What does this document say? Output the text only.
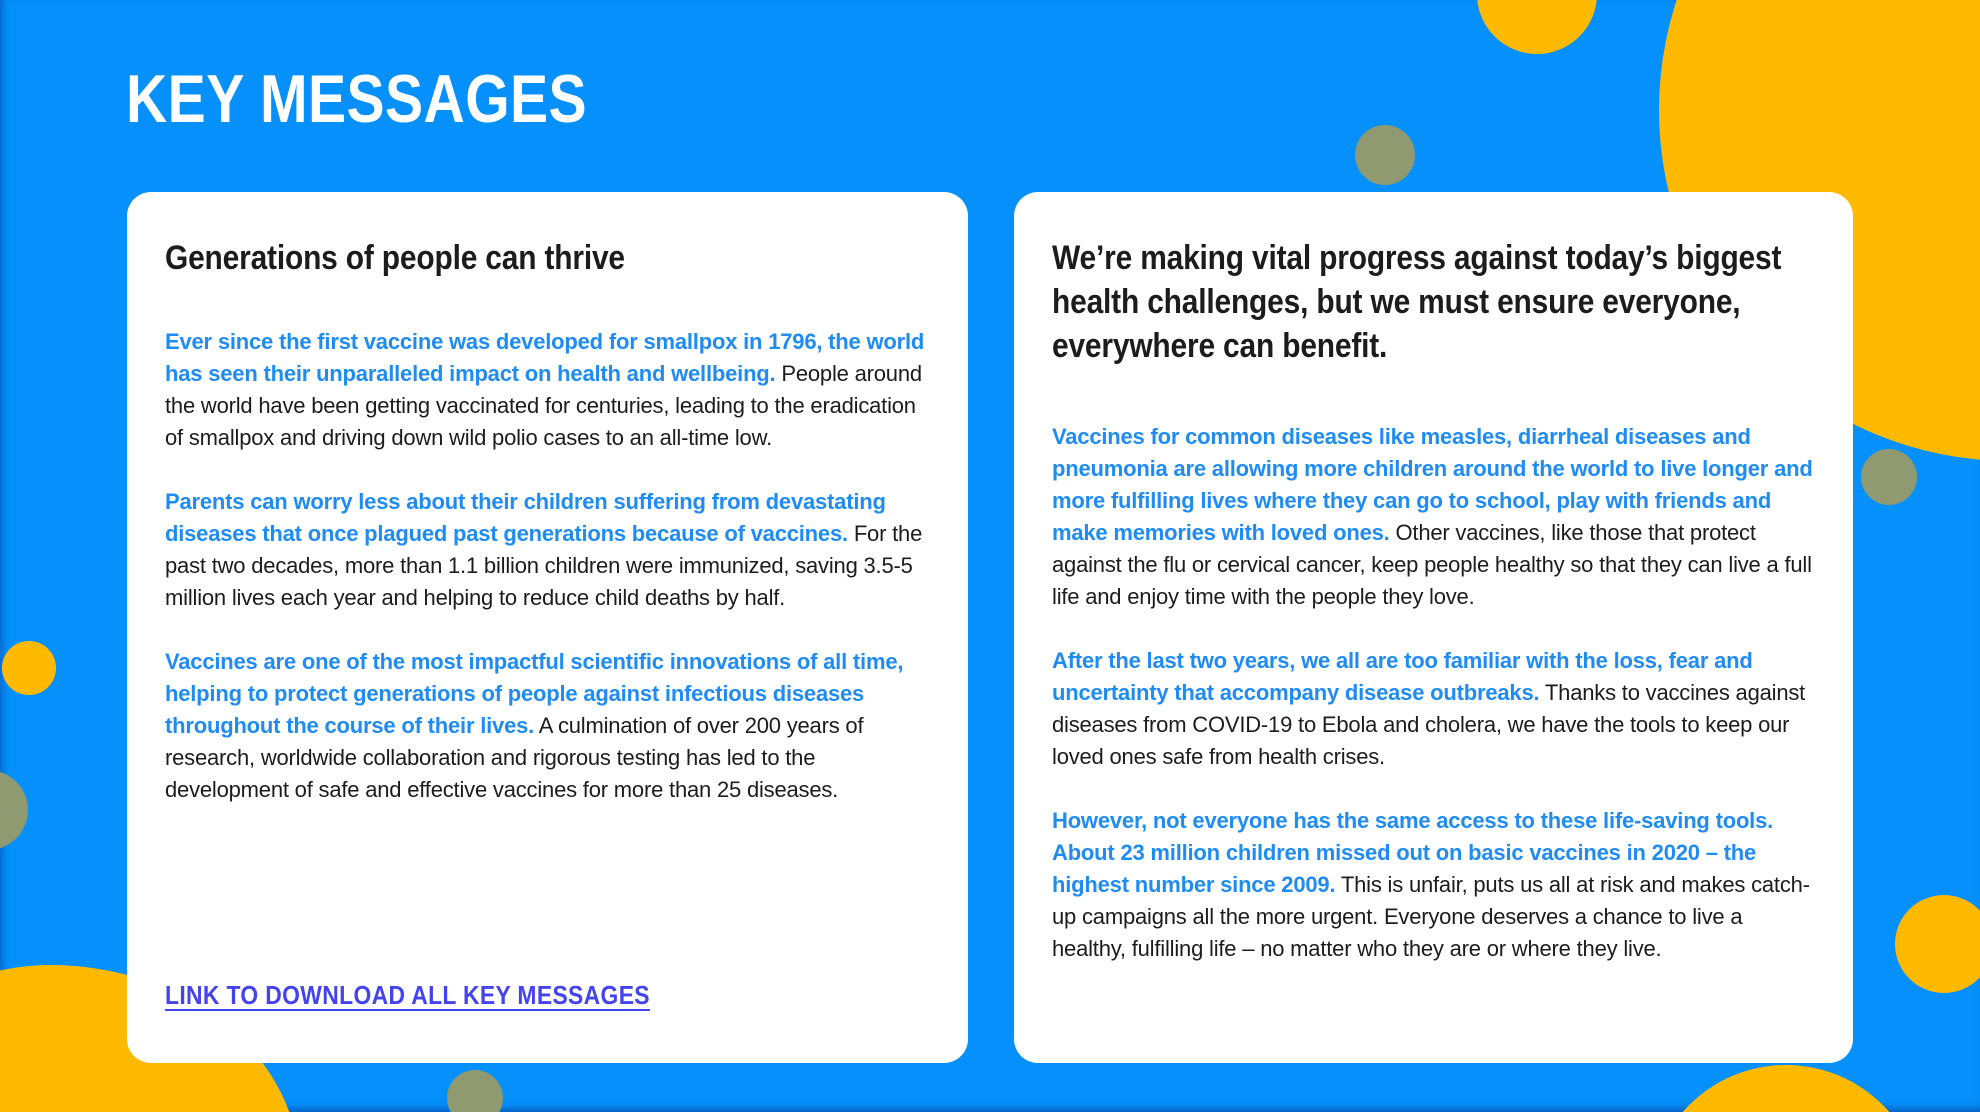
KEY MESSAGES
Generations of people can thrive

Ever since the first vaccine was developed for smallpox in 1796, the world has seen their unparalleled impact on health and wellbeing. People around the world have been getting vaccinated for centuries, leading to the eradication of smallpox and driving down wild polio cases to an all-time low.

Parents can worry less about their children suffering from devastating diseases that once plagued past generations because of vaccines. For the past two decades, more than 1.1 billion children were immunized, saving 3.5-5 million lives each year and helping to reduce child deaths by half.

Vaccines are one of the most impactful scientific innovations of all time, helping to protect generations of people against infectious diseases throughout the course of their lives. A culmination of over 200 years of research, worldwide collaboration and rigorous testing has led to the development of safe and effective vaccines for more than 25 diseases.

LINK TO DOWNLOAD ALL KEY MESSAGES
We’re making vital progress against today’s biggest health challenges, but we must ensure everyone, everywhere can benefit.

Vaccines for common diseases like measles, diarrheal diseases and pneumonia are allowing more children around the world to live longer and more fulfilling lives where they can go to school, play with friends and make memories with loved ones. Other vaccines, like those that protect against the flu or cervical cancer, keep people healthy so that they can live a full life and enjoy time with the people they love.

After the last two years, we all are too familiar with the loss, fear and uncertainty that accompany disease outbreaks. Thanks to vaccines against diseases from COVID-19 to Ebola and cholera, we have the tools to keep our loved ones safe from health crises.

However, not everyone has the same access to these life-saving tools. About 23 million children missed out on basic vaccines in 2020 – the highest number since 2009. This is unfair, puts us all at risk and makes catch-up campaigns all the more urgent. Everyone deserves a chance to live a healthy, fulfilling life – no matter who they are or where they live.
